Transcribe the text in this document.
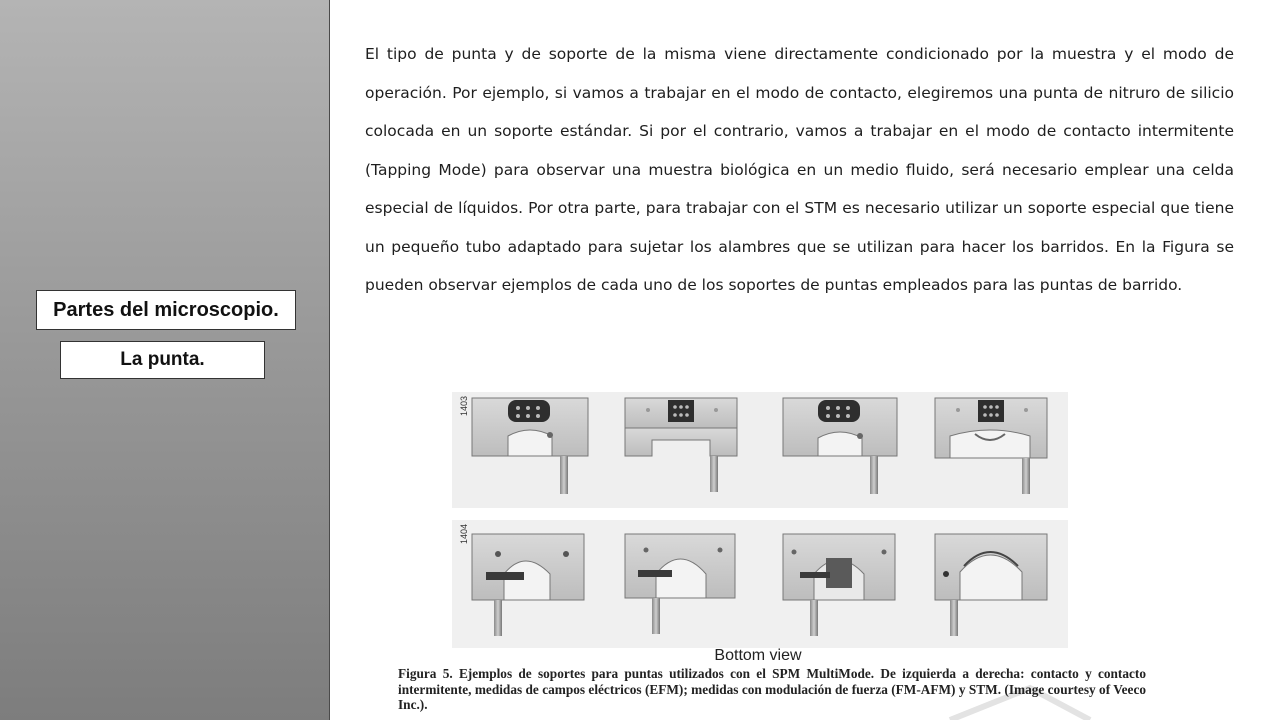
Partes del microscopio.
La punta.

El tipo de punta y de soporte de la misma viene directamente condicionado por la muestra y el modo de operación. Por ejemplo, si vamos a trabajar en el modo de contacto, elegiremos una punta de nitruro de silicio colocada en un soporte estándar. Si por el contrario, vamos a trabajar en el modo de contacto intermitente (Tapping Mode) para observar una muestra biológica en un medio fluido, será necesario emplear una celda especial de líquidos. Por otra parte, para trabajar con el STM es necesario utilizar un soporte especial que tiene un pequeño tubo adaptado para sujetar los alambres que se utilizan para hacer los barridos. En la Figura se pueden observar ejemplos de cada uno de los soportes de puntas empleados para las puntas de barrido.

1403
1404
Bottom view

Figura 5. Ejemplos de soportes para puntas utilizados con el SPM MultiMode. De izquierda a derecha: contacto y contacto intermitente, medidas de campos eléctricos (EFM); medidas con modulación de fuerza (FM-AFM) y STM. (Image courtesy of Veeco Inc.).
